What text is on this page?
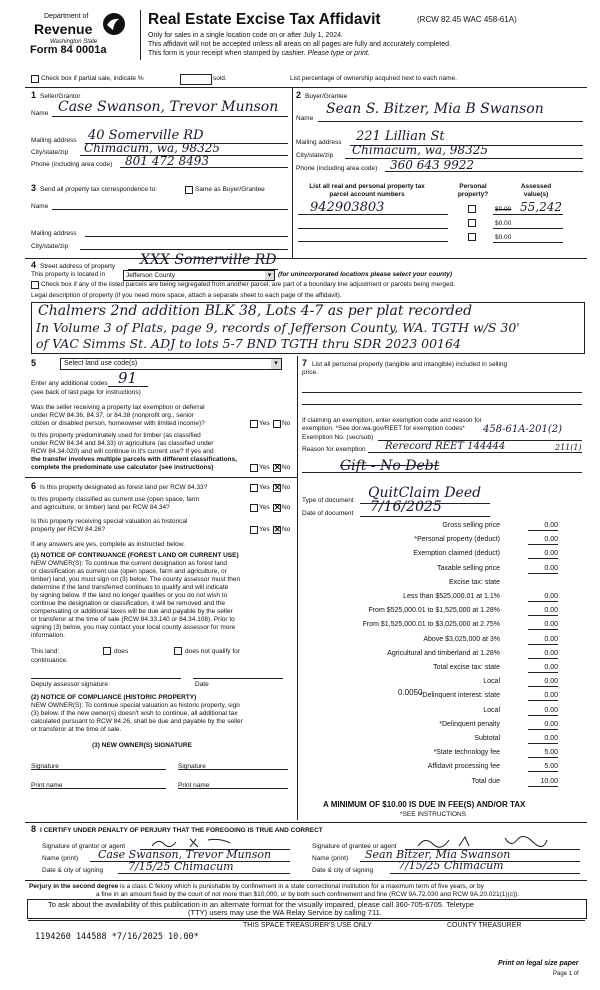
Department of
Revenue
Washington State
Form 84 0001a
Real Estate Excise Tax Affidavit	(RCW 82.45 WAC 458-61A)
Only for sales in a single location code on or after July 1, 2024.
This affidavit will not be accepted unless all areas on all pages are fully and accurately completed.
This form is your receipt when stamped by cashier. Please type or print.
Check box if partial sale, indicate %	sold.	List percentage of ownership acquired next to each name.
1 Seller/Grantor
Name Case Swanson, Trevor Munson
Mailing address 40 Somerville RD
City/state/zip Chimacum, wa, 98325
Phone (including area code) 801 472 8493
2 Buyer/Grantee
Name
Sean S. Bitzer, Mia B Swanson
Mailing address 221 Lillian St
City/state/zip Chimacum, wa, 98325
Phone (including area code) 360 643 9922
3 Send all property tax correspondence to:	Same as Buyer/Grantee
Name
Mailing address
City/state/zip
List all real and personal property tax parcel account numbers
Personal property?
Assessed value(s)
942903803	$0.00 55,242
$0.00
$0.00
4 Street address of property XXX Somerville RD
This property is located in	Jefferson County	▾	(for unincorporated locations please select your county)
Check box if any of the listed parcels are being segregated from another parcel, are part of a boundary line adjustment or parcels being merged.
Legal description of property (if you need more space, attach a separate sheet to each page of the affidavit).
Chalmers 2nd addition BLK 38, Lots 4-7 as per plat recorded
In Volume 3 of Plats, page 9, records of Jefferson County, WA. TGTH w/S 30'
of VAC Simms St. ADJ to lots 5-7 BND TGTH thru SDR 2023 00164
5	Select land use code(s)	▾
Enter any additional codes 91
(see back of last page for instructions)
Was the seller receiving a property tax exemption or deferral
under RCW 84.36, 84.37, or 84.38 (nonprofit org., senior
citizen or disabled person, homeowner with limited income)?	Yes No
Is this property predominately used for timber (as classified
under RCW 84.34 and 84.33) or agriculture (as classified under
RCW 84.34.020) and will continue in it's current use? If yes and
the transfer involves multiple parcels with different classifications,
complete the predominate use calculator (see instructions)	Yes ✕ No
6 Is this property designated as forest land per RCW 84.33?	Yes ✕ No
Is this property classified as current use (open space, farm
and agriculture, or timber) land per RCW 84.34?	Yes ✕ No
Is this property receiving special valuation as historical
property per RCW 84.26?	Yes ✕ No
If any answers are yes, complete as instructed below.
(1) NOTICE OF CONTINUANCE (FOREST LAND OR CURRENT USE)
NEW OWNER(S): To continue the current designation as forest land
or classification as current use (open space, farm and agriculture, or
timber) land, you must sign on (3) below. The county assessor must then
determine if the land transferred continues to qualify and will indicate
by signing below. If the land no longer qualifies or you do not wish to
continue the designation or classification, it will be removed and the
compensating or additional taxes will be due and payable by the seller
or transferor at the time of sale (RCW 84.33.140 or 84.34.108). Prior to
signing (3) below, you may contact your local county assessor for more
information.
This land:	does	does not qualify for
continuance.
Deputy assessor signature	Date
(2) NOTICE OF COMPLIANCE (HISTORIC PROPERTY)
NEW OWNER(S): To continue special valuation as historic property, sign
(3) below. If the new owner(s) doesn't wish to continue, all additional tax
calculated pursuant to RCW 84.26, shall be due and payable by the seller
or transferor at the time of sale.
(3) NEW OWNER(S) SIGNATURE
Signature	Signature
Print name	Print name
7 List all personal property (tangible and intangible) included in selling
price.
If claiming an exemption, enter exemption code and reason for
exemption. *See dor.wa.gov/REET for exemption codes* 458-61A-201(2)
Exemption No. (sec/sub)
Reason for exemption Rerecord REET 144444	211(1)
Gift - No Debt
Type of document QuitClaim Deed
Date of document 7/16/2025
Gross selling price	0.00
*Personal property (deduct)	0.00
Exemption claimed (deduct)	0.00
Taxable selling price	0.00
Excise tax: state
Less than $525,000.01 at 1.1%	0.00
From $525,000.01 to $1,525,000 at 1.28%	0.00
From $1,525,000.01 to $3,025,000 at 2.75%	0.00
Above $3,025,000 at 3%	0.00
Agricultural and timberland at 1.28%	0.00
Total excise tax: state	0.00
Local	0.00
*Delinquent interest: state	0.00
Local	0.00
*Delinquent penalty	0.00
Subtotal	0.00
*State technology fee	5.00
Affidavit processing fee	5.00
Total due	10.00
0.0050
A MINIMUM OF $10.00 IS DUE IN FEE(S) AND/OR TAX
*SEE INSTRUCTIONS
8 I CERTIFY UNDER PENALTY OF PERJURY THAT THE FOREGOING IS TRUE AND CORRECT
Signature of grantor or agent
Name (print) Case Swanson, Trevor Munson
Date & city of signing 7/15/25 Chimacum
Signature of grantee or agent
Name (print) Sean Bitzer, Mia Swanson
Date & city of signing 7/15/25 Chimacum
Perjury in the second degree is a class C felony which is punishable by confinement in a state correctional institution for a maximum term of five years, or by
a fine in an amount fixed by the court of not more than $10,000, or by both such confinement and fine (RCW 9A.72.030 and RCW 9A.20.021(1)(c)).
To ask about the availability of this publication in an alternate format for the visually impaired, please call 360-705-6705. Teletype
(TTY) users may use the WA Relay Service by calling 711.
THIS SPACE TREASURER'S USE ONLY	COUNTY TREASURER
1194260 144588 *7/16/2025 10.00*
Print on legal size paper
Page 1 of
